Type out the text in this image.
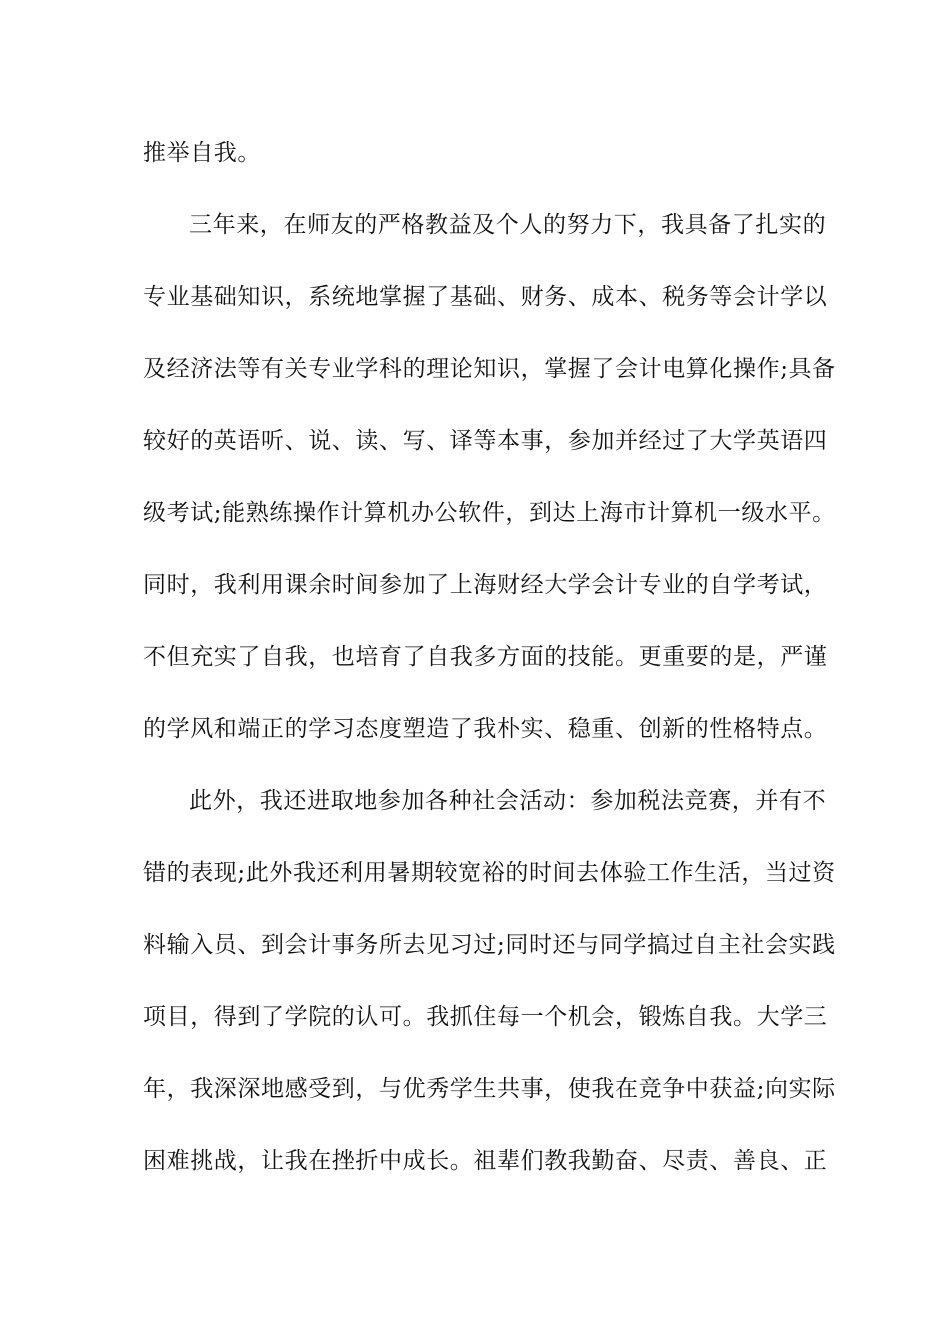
推举自我。
三年来，在师友的严格教益及个人的努力下，我具备了扎实的
专业基础知识，系统地掌握了基础、财务、成本、税务等会计学以
及经济法等有关专业学科的理论知识，掌握了会计电算化操作;具备
较好的英语听、说、读、写、译等本事，参加并经过了大学英语四
级考试;能熟练操作计算机办公软件，到达上海市计算机一级水平。
同时，我利用课余时间参加了上海财经大学会计专业的自学考试，
不但充实了自我，也培育了自我多方面的技能。更重要的是，严谨
的学风和端正的学习态度塑造了我朴实、稳重、创新的性格特点。
此外，我还进取地参加各种社会活动：参加税法竞赛，并有不
错的表现;此外我还利用暑期较宽裕的时间去体验工作生活，当过资
料输入员、到会计事务所去见习过;同时还与同学搞过自主社会实践
项目，得到了学院的认可。我抓住每一个机会，锻炼自我。大学三
年，我深深地感受到，与优秀学生共事，使我在竞争中获益;向实际
困难挑战，让我在挫折中成长。祖辈们教我勤奋、尽责、善良、正
